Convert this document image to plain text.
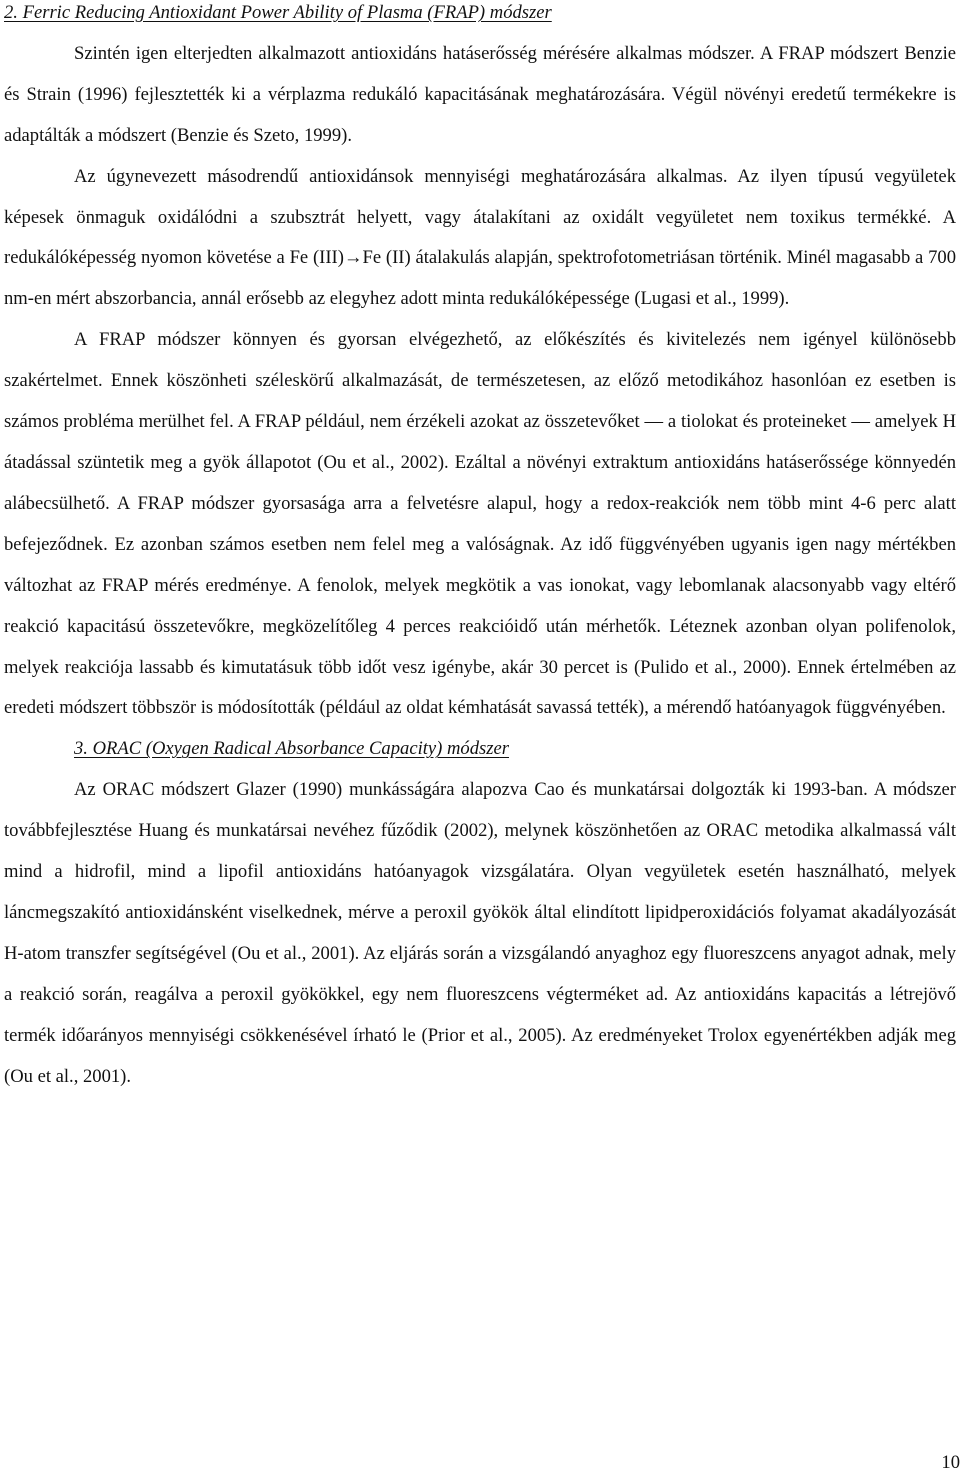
2. Ferric Reducing Antioxidant Power Ability of Plasma (FRAP) módszer

Szintén igen elterjedten alkalmazott antioxidáns hatáserősség mérésére alkalmas módszer. A FRAP módszert Benzie és Strain (1996) fejlesztették ki a vérplazma redukáló kapacitásának meghatározására. Végül növényi eredetű termékekre is adaptálták a módszert (Benzie és Szeto, 1999).

Az úgynevezett másodrendű antioxidánsok mennyiségi meghatározására alkalmas. Az ilyen típusú vegyületek képesek önmaguk oxidálódni a szubsztrát helyett, vagy átalakítani az oxidált vegyületet nem toxikus termékké. A redukálóképesség nyomon követése a Fe (III)→Fe (II) átalakulás alapján, spektrofotometriásan történik. Minél magasabb a 700 nm-en mért abszorbancia, annál erősebb az elegyhez adott minta redukálóképessége (Lugasi et al., 1999).

A FRAP módszer könnyen és gyorsan elvégezhető, az előkészítés és kivitelezés nem igényel különösebb szakértelmet. Ennek köszönheti széleskörű alkalmazását, de természetesen, az előző metodikához hasonlóan ez esetben is számos probléma merülhet fel. A FRAP például, nem érzékeli azokat az összetevőket — a tiolokat és proteineket — amelyek H átadással szüntetik meg a gyök állapotot (Ou et al., 2002). Ezáltal a növényi extraktum antioxidáns hatáserőssége könnyedén alábecsülhető. A FRAP módszer gyorsasága arra a felvetésre alapul, hogy a redox-reakciók nem több mint 4-6 perc alatt befejeződnek. Ez azonban számos esetben nem felel meg a valóságnak. Az idő függvényében ugyanis igen nagy mértékben változhat az FRAP mérés eredménye. A fenolok, melyek megkötik a vas ionokat, vagy lebomlanak alacsonyabb vagy eltérő reakció kapacitású összetevőkre, megközelítőleg 4 perces reakcióidő után mérhetők. Léteznek azonban olyan polifenolok, melyek reakciója lassabb és kimutatásuk több időt vesz igénybe, akár 30 percet is (Pulido et al., 2000). Ennek értelmében az eredeti módszert többször is módosították (például az oldat kémhatását savassá tették), a mérendő hatóanyagok függvényében.

3. ORAC (Oxygen Radical Absorbance Capacity) módszer

Az ORAC módszert Glazer (1990) munkásságára alapozva Cao és munkatársai dolgozták ki 1993-ban. A módszer továbbfejlesztése Huang és munkatársai nevéhez fűződik (2002), melynek köszönhetően az ORAC metodika alkalmassá vált mind a hidrofil, mind a lipofil antioxidáns hatóanyagok vizsgálatára. Olyan vegyületek esetén használható, melyek láncmegszakító antioxidánsként viselkednek, mérve a peroxil gyökök által elindított lipidperoxidációs folyamat akadályozását H-atom transzfer segítségével (Ou et al., 2001). Az eljárás során a vizsgálandó anyaghoz egy fluoreszcens anyagot adnak, mely a reakció során, reagálva a peroxil gyökökkel, egy nem fluoreszcens végterméket ad. Az antioxidáns kapacitás a létrejövő termék időarányos mennyiségi csökkenésével írható le (Prior et al., 2005). Az eredményeket Trolox egyenértékben adják meg (Ou et al., 2001).

10
